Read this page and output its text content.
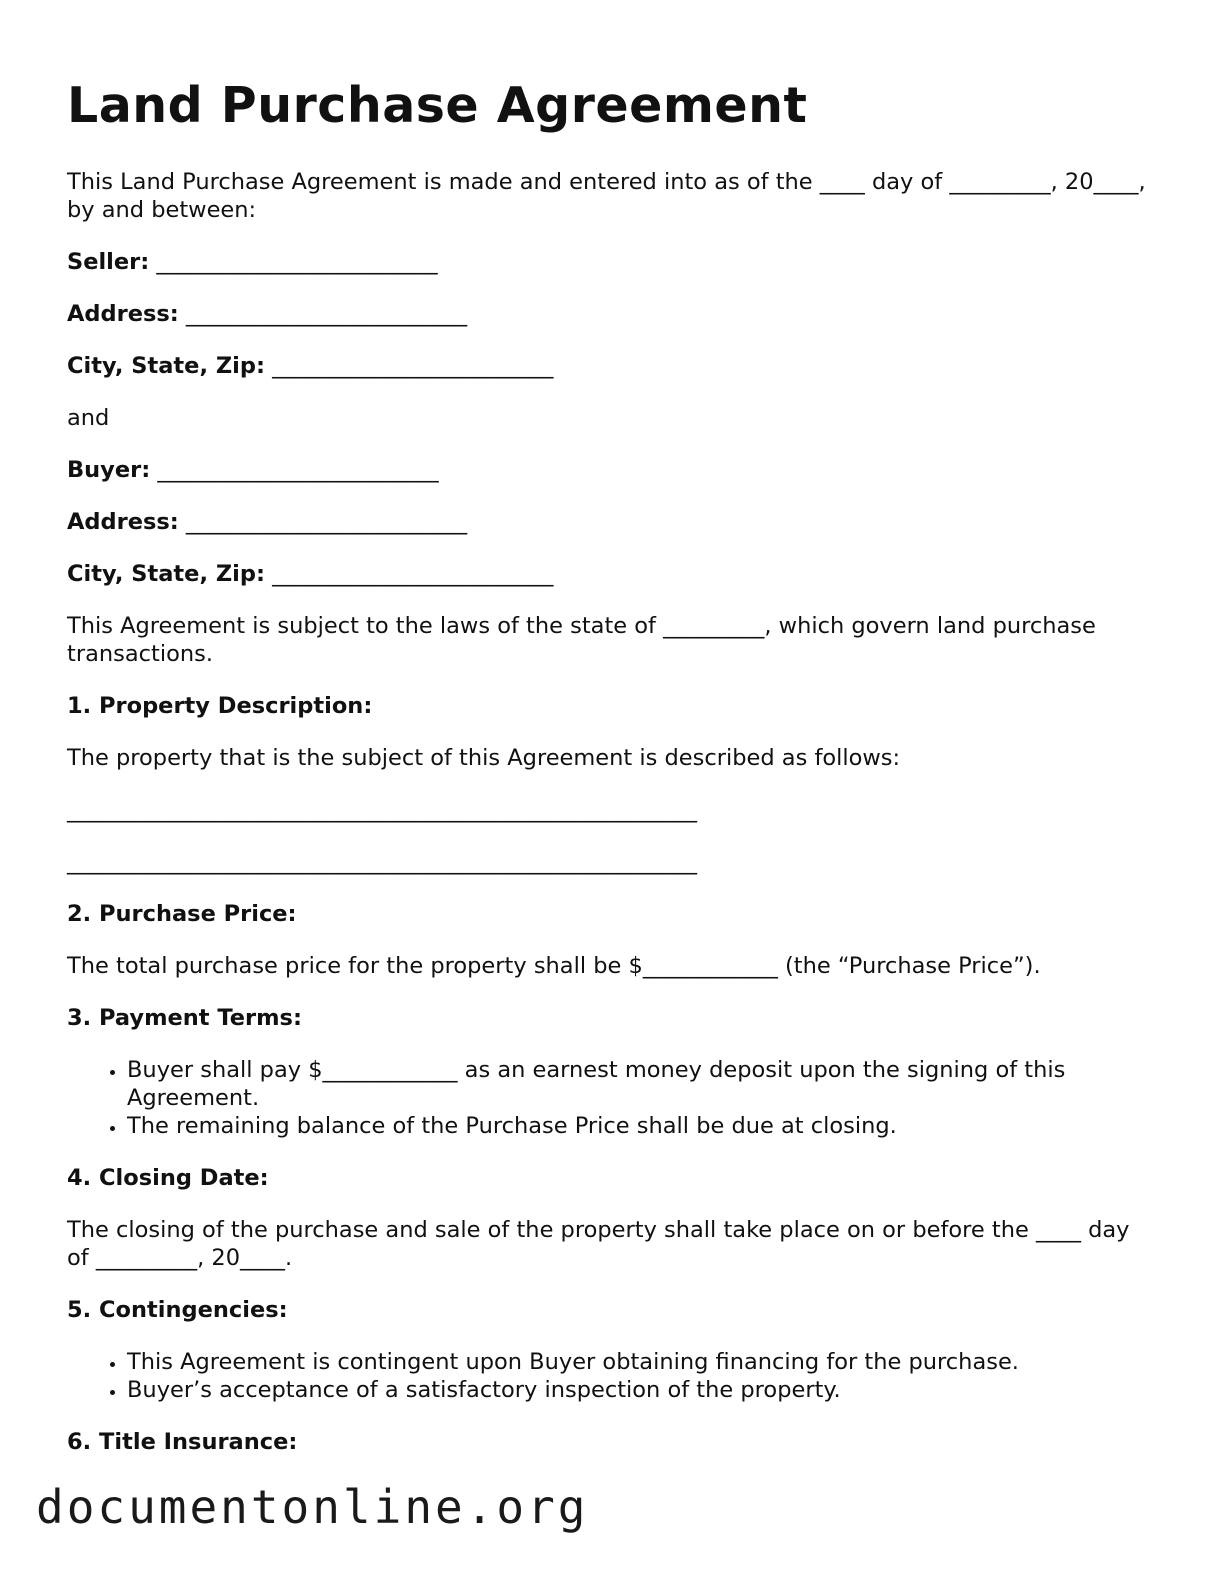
Land Purchase Agreement

This Land Purchase Agreement is made and entered into as of the ____ day of _________, 20____, by and between:

Seller: _________________________

Address: _________________________

City, State, Zip: _________________________

and

Buyer: _________________________

Address: _________________________

City, State, Zip: _________________________

This Agreement is subject to the laws of the state of _________, which govern land purchase transactions.

1. Property Description:

The property that is the subject of this Agreement is described as follows:

________________________________________________________
________________________________________________________

2. Purchase Price:

The total purchase price for the property shall be $____________ (the “Purchase Price”).

3. Payment Terms:

• Buyer shall pay $____________ as an earnest money deposit upon the signing of this Agreement.
• The remaining balance of the Purchase Price shall be due at closing.

4. Closing Date:

The closing of the purchase and sale of the property shall take place on or before the ____ day of _________, 20____.

5. Contingencies:

• This Agreement is contingent upon Buyer obtaining financing for the purchase.
• Buyer’s acceptance of a satisfactory inspection of the property.

6. Title Insurance:

documentonline.org
